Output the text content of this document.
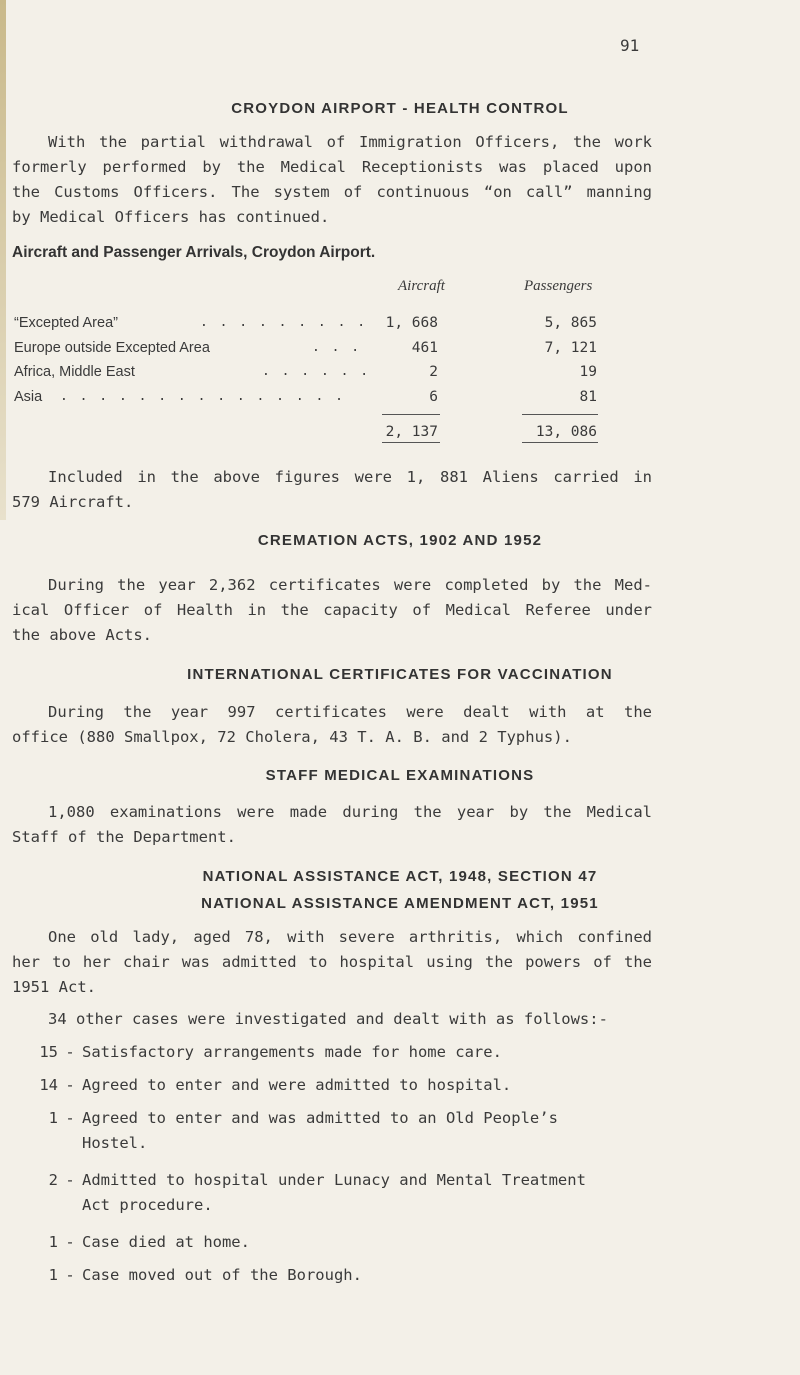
91
CROYDON AIRPORT - HEALTH CONTROL
With the partial withdrawal of Immigration Officers, the work
formerly performed by the Medical Receptionists was placed upon
the Customs Officers. The system of continuous “on call” manning
by Medical Officers has continued.
Aircraft and Passenger Arrivals, Croydon Airport.
Aircraft	Passengers
“Excepted Area”	. . . . . . . . . 1, 668	5, 865
Europe outside Excepted Area	. . .	461	7, 121
Africa, Middle East	. . . . . .	2	19
Asia . . . . . . . . . . . . . . .	6	81
2, 137	13, 086
Included in the above figures were 1, 881 Aliens carried in
579 Aircraft.
CREMATION ACTS, 1902 AND 1952
During the year 2,362 certificates were completed by the Med-
ical Officer of Health in the capacity of Medical Referee under
the above Acts.
INTERNATIONAL CERTIFICATES FOR VACCINATION
During the year 997 certificates were dealt with at the
office (880 Smallpox, 72 Cholera, 43 T. A. B. and 2 Typhus).
STAFF MEDICAL EXAMINATIONS
1,080 examinations were made during the year by the Medical
Staff of the Department.
NATIONAL ASSISTANCE ACT, 1948, SECTION 47
NATIONAL ASSISTANCE AMENDMENT ACT, 1951
One old lady, aged 78, with severe arthritis, which confined
her to her chair was admitted to hospital using the powers of the
1951 Act.
34 other cases were investigated and dealt with as follows:-
15 - Satisfactory arrangements made for home care.
14 - Agreed to enter and were admitted to hospital.
1 - Agreed to enter and was admitted to an Old People’s
Hostel.
2 - Admitted to hospital under Lunacy and Mental Treatment
Act procedure.
1 - Case died at home.
1 - Case moved out of the Borough.
